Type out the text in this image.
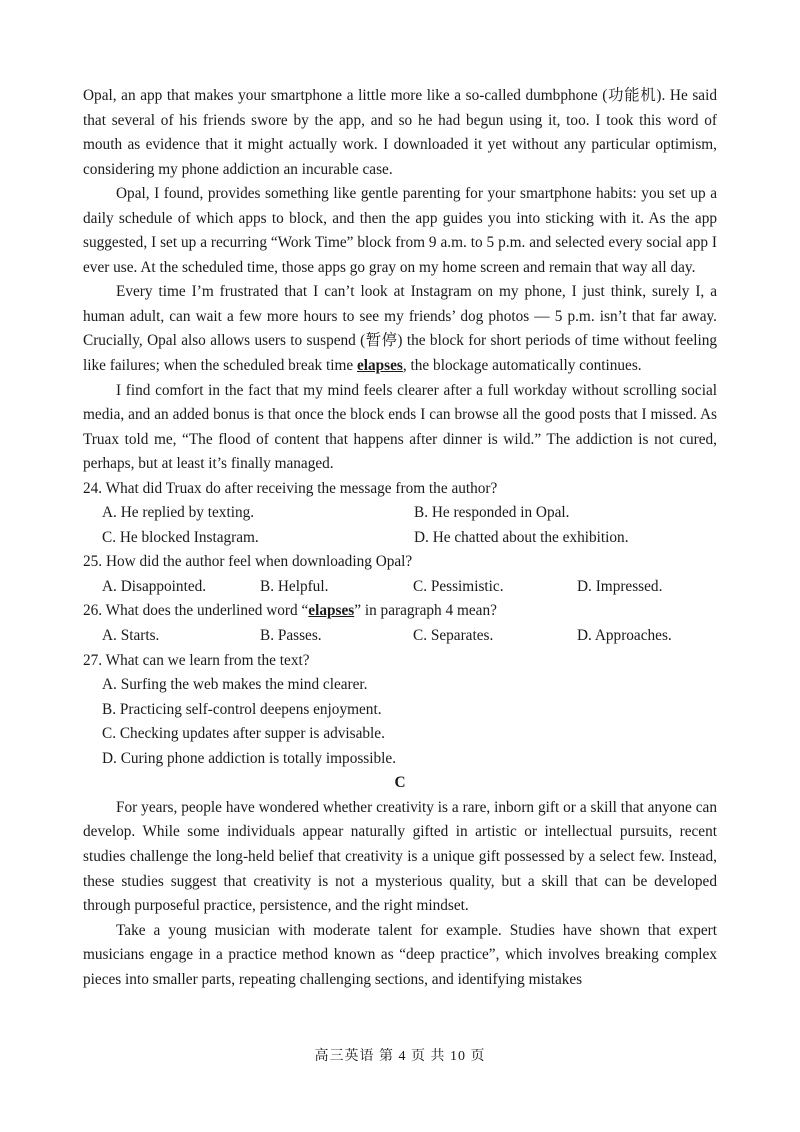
Opal, an app that makes your smartphone a little more like a so-called dumbphone (功能机). He said that several of his friends swore by the app, and so he had begun using it, too. I took this word of mouth as evidence that it might actually work. I downloaded it yet without any particular optimism, considering my phone addiction an incurable case.

Opal, I found, provides something like gentle parenting for your smartphone habits: you set up a daily schedule of which apps to block, and then the app guides you into sticking with it. As the app suggested, I set up a recurring “Work Time” block from 9 a.m. to 5 p.m. and selected every social app I ever use. At the scheduled time, those apps go gray on my home screen and remain that way all day.

Every time I’m frustrated that I can’t look at Instagram on my phone, I just think, surely I, a human adult, can wait a few more hours to see my friends’ dog photos — 5 p.m. isn’t that far away. Crucially, Opal also allows users to suspend (暂停) the block for short periods of time without feeling like failures; when the scheduled break time elapses, the blockage automatically continues.

I find comfort in the fact that my mind feels clearer after a full workday without scrolling social media, and an added bonus is that once the block ends I can browse all the good posts that I missed. As Truax told me, “The flood of content that happens after dinner is wild.” The addiction is not cured, perhaps, but at least it’s finally managed.

24. What did Truax do after receiving the message from the author?

A. He replied by texting.	B. He responded in Opal.
C. He blocked Instagram.	D. He chatted about the exhibition.

25. How did the author feel when downloading Opal?

A. Disappointed.	B. Helpful.	C. Pessimistic.	D. Impressed.

26. What does the underlined word “elapses” in paragraph 4 mean?

A. Starts.	B. Passes.	C. Separates.	D. Approaches.

27. What can we learn from the text?

A. Surfing the web makes the mind clearer.
B. Practicing self-control deepens enjoyment.
C. Checking updates after supper is advisable.
D. Curing phone addiction is totally impossible.

C

For years, people have wondered whether creativity is a rare, inborn gift or a skill that anyone can develop. While some individuals appear naturally gifted in artistic or intellectual pursuits, recent studies challenge the long-held belief that creativity is a unique gift possessed by a select few. Instead, these studies suggest that creativity is not a mysterious quality, but a skill that can be developed through purposeful practice, persistence, and the right mindset.

Take a young musician with moderate talent for example. Studies have shown that expert musicians engage in a practice method known as “deep practice”, which involves breaking complex pieces into smaller parts, repeating challenging sections, and identifying mistakes

高三英语 第 4 页 共 10 页
